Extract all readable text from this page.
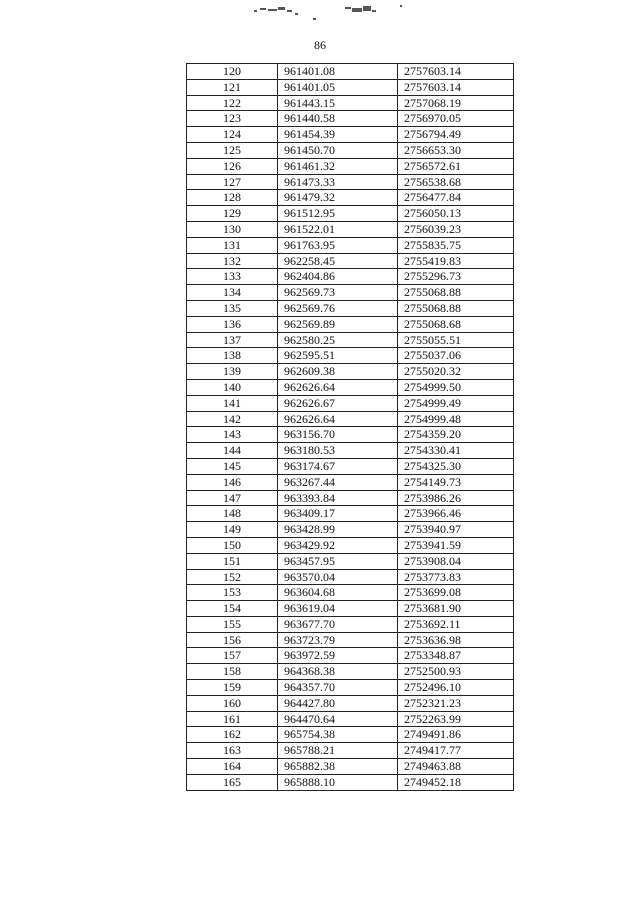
86
120	961401.08	2757603.14
121	961401.05	2757603.14
122	961443.15	2757068.19
123	961440.58	2756970.05
124	961454.39	2756794.49
125	961450.70	2756653.30
126	961461.32	2756572.61
127	961473.33	2756538.68
128	961479.32	2756477.84
129	961512.95	2756050.13
130	961522.01	2756039.23
131	961763.95	2755835.75
132	962258.45	2755419.83
133	962404.86	2755296.73
134	962569.73	2755068.88
135	962569.76	2755068.88
136	962569.89	2755068.68
137	962580.25	2755055.51
138	962595.51	2755037.06
139	962609.38	2755020.32
140	962626.64	2754999.50
141	962626.67	2754999.49
142	962626.64	2754999.48
143	963156.70	2754359.20
144	963180.53	2754330.41
145	963174.67	2754325.30
146	963267.44	2754149.73
147	963393.84	2753986.26
148	963409.17	2753966.46
149	963428.99	2753940.97
150	963429.92	2753941.59
151	963457.95	2753908.04
152	963570.04	2753773.83
153	963604.68	2753699.08
154	963619.04	2753681.90
155	963677.70	2753692.11
156	963723.79	2753636.98
157	963972.59	2753348.87
158	964368.38	2752500.93
159	964357.70	2752496.10
160	964427.80	2752321.23
161	964470.64	2752263.99
162	965754.38	2749491.86
163	965788.21	2749417.77
164	965882.38	2749463.88
165	965888.10	2749452.18
